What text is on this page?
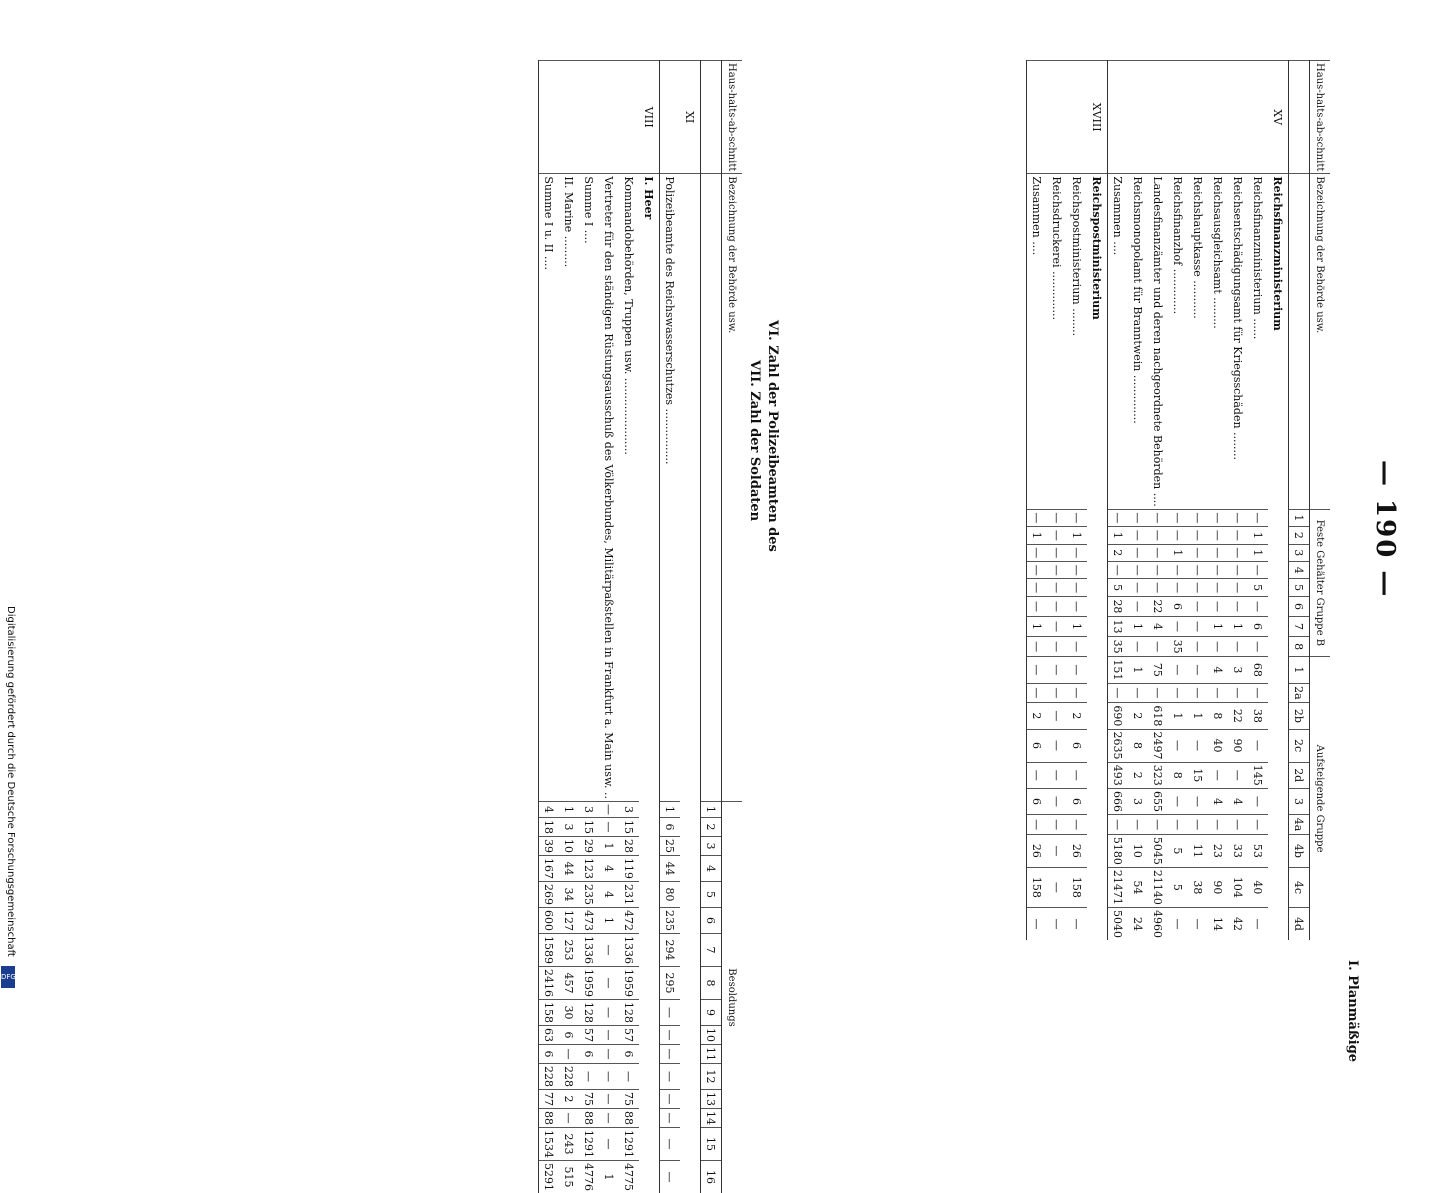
— 190 —
I. Planmäßige
Haus-halts-ab-schnitt	Bezeichnung der Behörde usw.	Feste Gehälter Gruppe B								Aufsteigende Gruppe									
		1	2	3	4	5	6	7	8	1	2a	2b	2c	2d	3	4a	4b	4c	4d
XV	Reichsfinanzministerium																		
	Reichsfinanzministerium ......	—	1	1	—	5	—	6	—	68	—	38	—	145	—	—	53	40	—
	Reichsentschädigungsamt für Kriegsschäden ........	—	—	—	—	—	—	1	—	3	—	22	90	—	4	—	33	104	42
	Reichsausgleichsamt .........	—	—	—	—	—	—	1	—	4	—	8	40	—	4	—	23	90	14
	Reichshauptkasse ...........	—	—	—	—	—	—	—	—	—	—	1	—	15	—	—	11	38	—
	Reichsfinanzhof .............	—	—	1	—	—	6	—	35	—	—	1	—	8	—	—	5	5	—
	Landesfinanzämter und deren nachgeordnete Behörden ....	—	—	—	—	—	22	4	—	75	—	618	2497	323	655	—	5045	21140	4960
	Reichsmonopolamt für Branntwein ..............	—	—	—	—	—	—	1	—	1	—	2	8	2	3	—	10	54	24
	Zusammen ....	—	1	2	—	5	28	13	35	151	—	690	2635	493	666	—	5180	21471	5040
XVIII	Reichspostministerium																		
	Reichspostministerium ........	—	1	—	—	—	—	1	—	—	—	2	6	—	6	—	26	158	—
	Reichsdruckerei ..............	—	—	—	—	—	—	—	—	—	—	—	—	—	—	—	—	—	—
	Zusammen ....	—	1	—	—	—	—	1	—	—	—	2	6	—	6	—	26	158	—
VI. Zahl der Polizeibeamten des
VII. Zahl der Soldaten
Haus-halts-ab-schnitt	Bezeichnung der Behörde usw.	Besoldungs															
		1	2	3	4	5	6	7	8	9	10	11	12	13	14	15	16
XI																	
	Polizeibeamte des Reichswasserschutzes ................	1	6	25	44	80	235	294	295	—	—	—	—	—	—	—	—
VIII	I. Heer																
	Kommandobehörden, Truppen usw. ......................	3	15	28	119	231	472	1336	1959	128	57	6	—	75	88	1291	4775
	Vertreter für den ständigen Rüstungsausschuß des Völkerbundes, Militärpaßstellen in Frankfurt a. Main usw. ..	—	—	1	4	4	1	—	—	—	—	—	—	—	—	—	1
	Summe I ....	3	15	29	123	235	473	1336	1959	128	57	6	—	75	88	1291	4776
	II. Marine .........	1	3	10	44	34	127	253	457	30	6	—	228	2	—	243	515
	Summe I u. II ....	4	18	39	167	269	600	1589	2416	158	63	6	228	77	88	1534	5291
Digitalisierung gefördert durch die Deutsche Forschungsgemeinschaft
DFG
